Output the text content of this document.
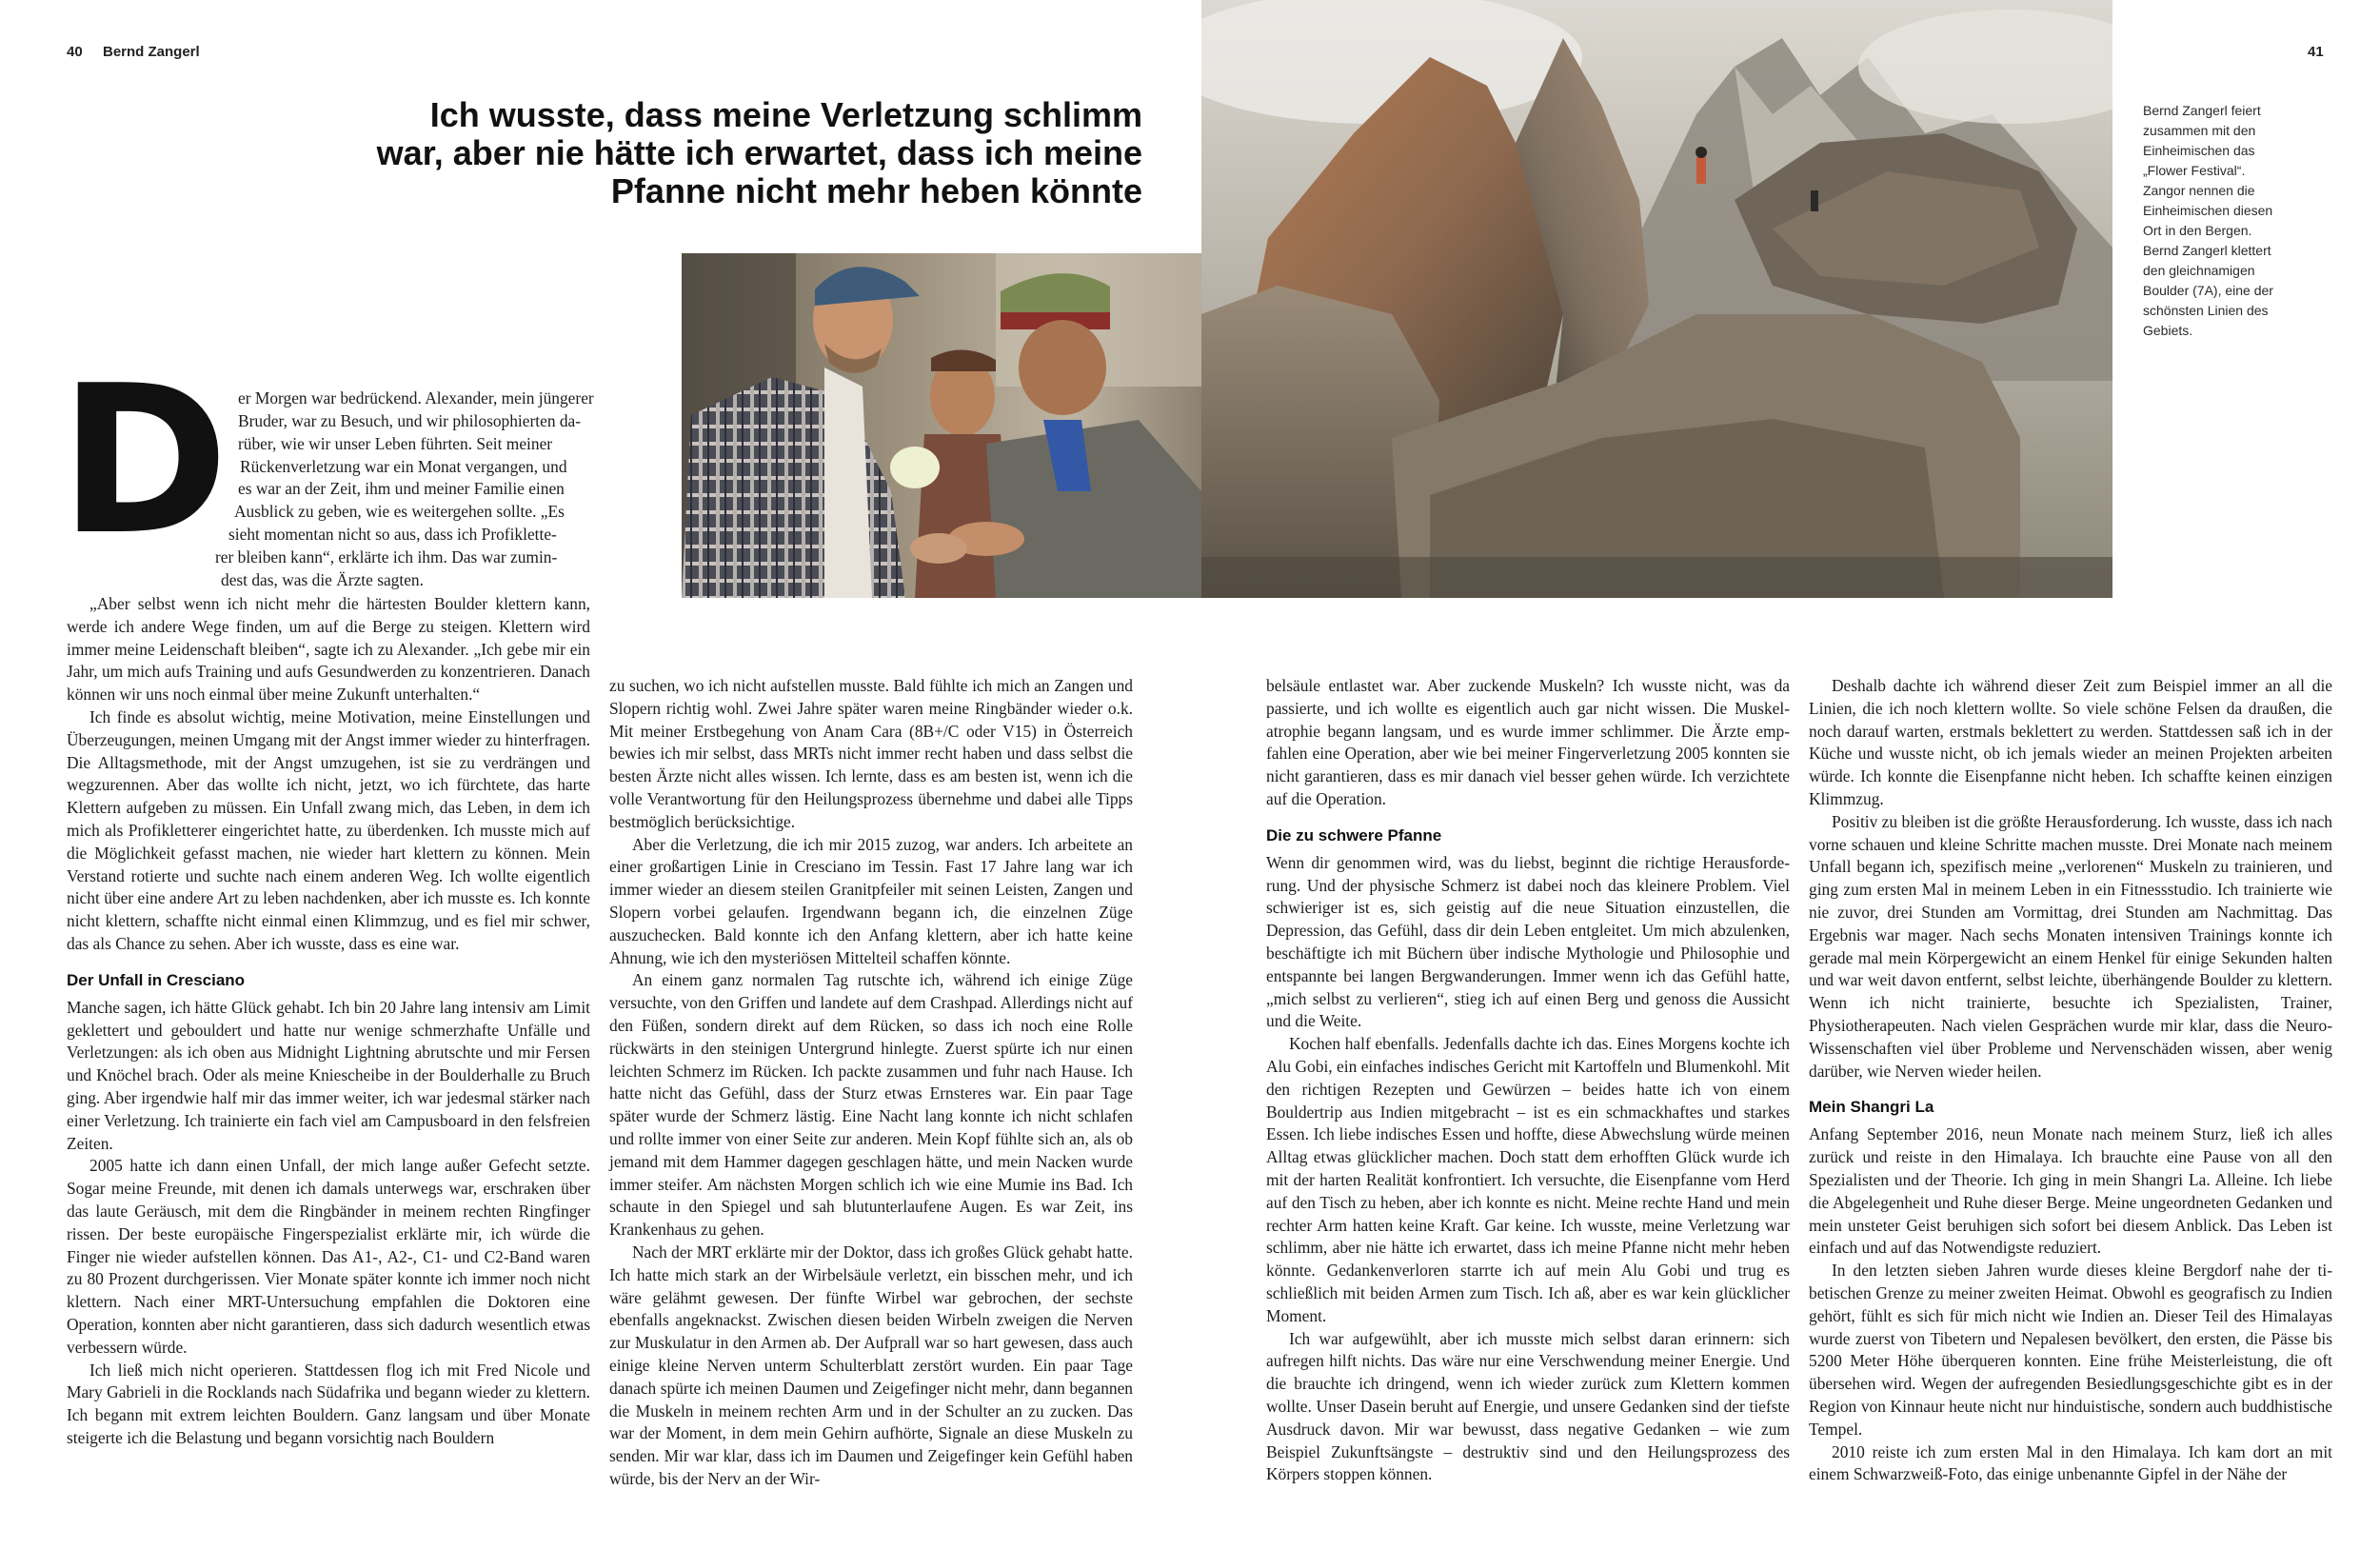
40 Bernd Zangerl	41
Ich wusste, dass meine Verletzung schlimm
war, aber nie hätte ich erwartet, dass ich meine
Pfanne nicht mehr heben könnte
Bernd Zangerl feiert zusammen mit den Einheimischen das „Flower Festival“. Zangor nennen die Einheimischen diesen Ort in den Bergen. Bernd Zangerl klettert den gleichnamigen Boulder (7A), eine der schönsten Linien des Gebiets.
D er Morgen war bedrückend. Alexander, mein jüngerer
Bruder, war zu Besuch, und wir philosophierten da-
rüber, wie wir unser Leben führten. Seit meiner
Rückenverletzung war ein Monat vergangen, und
es war an der Zeit, ihm und meiner Familie einen
Ausblick zu geben, wie es weitergehen sollte. „Es
sieht momentan nicht so aus, dass ich Profiklette-
rer bleiben kann“, erklärte ich ihm. Das war zumin-
dest das, was die Ärzte sagten.

„Aber selbst wenn ich nicht mehr die härtesten Boulder klettern kann, werde ich andere Wege finden, um auf die Berge zu steigen. Klettern wird immer meine Leidenschaft bleiben“, sagte ich zu Alexander. „Ich gebe mir ein Jahr, um mich aufs Training und aufs Gesundwerden zu konzentrieren. Danach können wir uns noch einmal über meine Zukunft unterhalten.“

Ich finde es absolut wichtig, meine Motivation, meine Einstellungen und Überzeugungen, meinen Umgang mit der Angst immer wieder zu hinterfragen. Die Alltagsmethode, mit der Angst umzugehen, ist sie zu verdrängen und wegzurennen. Aber das wollte ich nicht, jetzt, wo ich fürchtete, das harte Klettern aufgeben zu müssen. Ein Unfall zwang mich, das Leben, in dem ich mich als Profikletterer eingerichtet hatte, zu überdenken. Ich musste mich auf die Möglichkeit gefasst machen, nie wieder hart klettern zu können. Mein Verstand rotierte und suchte nach einem anderen Weg. Ich wollte eigentlich nicht über eine andere Art zu leben nachdenken, aber ich musste es. Ich konnte nicht klettern, schaffte nicht einmal einen Klimmzug, und es fiel mir schwer, das als Chance zu sehen. Aber ich wusste, dass es eine war.

Der Unfall in Cresciano

Manche sagen, ich hätte Glück gehabt. Ich bin 20 Jahre lang intensiv am Limit geklettert und gebouldert und hatte nur wenige schmerzhafte Unfälle und Verletzungen: als ich oben aus Midnight Lightning abrutschte und mir Fersen und Knöchel brach. Oder als meine Kniescheibe in der Boulderhalle zu Bruch ging. Aber irgendwie half mir das immer weiter, ich war jedesmal stärker nach einer Verletzung. Ich trainierte ein fach viel am Campusboard in den felsfreien Zeiten.

2005 hatte ich dann einen Unfall, der mich lange außer Gefecht setzte. Sogar meine Freunde, mit denen ich damals unterwegs war, erschraken über das laute Geräusch, mit dem die Ringbänder in meinem rechten Ringfinger rissen. Der beste europäische Fingerspezialist erklärte mir, ich würde die Finger nie wieder aufstellen können. Das A1-, A2-, C1- und C2-Band waren zu 80 Prozent durchgerissen. Vier Monate später konnte ich immer noch nicht klettern. Nach einer MRT-Untersuchung empfahlen die Doktoren eine Operation, konnten aber nicht garantieren, dass sich dadurch wesentlich etwas verbessern würde.

Ich ließ mich nicht operieren. Stattdessen flog ich mit Fred Nicole und Mary Gabrieli in die Rocklands nach Südafrika und begann wieder zu klettern. Ich begann mit extrem leichten Bouldern. Ganz langsam und über Monate steigerte ich die Belastung und begann vorsichtig nach Bouldern

zu suchen, wo ich nicht aufstellen musste. Bald fühlte ich mich an Zangen und Slopern richtig wohl. Zwei Jahre später waren meine Ringbänder wieder o.k. Mit meiner Erstbegehung von Anam Cara (8B+/C oder V15) in Österreich bewies ich mir selbst, dass MRTs nicht immer recht haben und dass selbst die besten Ärzte nicht alles wissen. Ich lernte, dass es am besten ist, wenn ich die volle Verantwortung für den Heilungsprozess übernehme und dabei alle Tipps bestmöglich berücksichtige.

Aber die Verletzung, die ich mir 2015 zuzog, war anders. Ich arbeitete an einer großartigen Linie in Cresciano im Tessin. Fast 17 Jahre lang war ich immer wieder an diesem steilen Granitpfeiler mit seinen Leisten, Zangen und Slopern vorbei gelaufen. Irgendwann begann ich, die einzelnen Züge auszuchecken. Bald konnte ich den Anfang klettern, aber ich hatte keine Ahnung, wie ich den mysteriösen Mittelteil schaffen könnte.

An einem ganz normalen Tag rutschte ich, während ich einige Züge versuchte, von den Griffen und landete auf dem Crashpad. Allerdings nicht auf den Füßen, sondern direkt auf dem Rücken, so dass ich noch eine Rolle rückwärts in den steinigen Untergrund hinlegte. Zuerst spürte ich nur einen leichten Schmerz im Rücken. Ich packte zusammen und fuhr nach Hause. Ich hatte nicht das Gefühl, dass der Sturz etwas Ernsteres war. Ein paar Tage später wurde der Schmerz lästig. Eine Nacht lang konnte ich nicht schlafen und rollte immer von einer Seite zur anderen. Mein Kopf fühlte sich an, als ob jemand mit dem Hammer dagegen geschlagen hätte, und mein Nacken wurde immer steifer. Am nächsten Morgen schlich ich wie eine Mumie ins Bad. Ich schaute in den Spiegel und sah blutunterlaufene Augen. Es war Zeit, ins Krankenhaus zu gehen.

Nach der MRT erklärte mir der Doktor, dass ich großes Glück gehabt hatte. Ich hatte mich stark an der Wirbelsäule verletzt, ein bisschen mehr, und ich wäre gelähmt gewesen. Der fünfte Wirbel war gebrochen, der sechste ebenfalls angeknackst. Zwischen diesen beiden Wirbeln zweigen die Nerven zur Muskulatur in den Armen ab. Der Aufprall war so hart gewesen, dass auch einige kleine Nerven unterm Schulterblatt zerstört wurden. Ein paar Tage danach spürte ich meinen Daumen und Zeigefinger nicht mehr, dann begannen die Muskeln in meinem rechten Arm und in der Schulter an zu zucken. Das war der Moment, in dem mein Gehirn aufhörte, Signale an diese Muskeln zu senden. Mir war klar, dass ich im Daumen und Zeigefinger kein Gefühl haben würde, bis der Nerv an der Wir-

belsäule entlastet war. Aber zuckende Muskeln? Ich wusste nicht, was da passierte, und ich wollte es eigentlich auch gar nicht wissen. Die Muskelatrophie begann langsam, und es wurde immer schlimmer. Die Ärzte empfahlen eine Operation, aber wie bei meiner Fingerverletzung 2005 konnten sie nicht garantieren, dass es mir danach viel besser gehen würde. Ich verzichtete auf die Operation.

Die zu schwere Pfanne

Wenn dir genommen wird, was du liebst, beginnt die richtige Herausforderung. Und der physische Schmerz ist dabei noch das kleinere Problem. Viel schwieriger ist es, sich geistig auf die neue Situation einzustellen, die Depression, das Gefühl, dass dir dein Leben entgleitet. Um mich abzulenken, beschäftigte ich mit Büchern über indische Mythologie und Philosophie und entspannte bei langen Bergwanderungen. Immer wenn ich das Gefühl hatte, „mich selbst zu verlieren“, stieg ich auf einen Berg und genoss die Aussicht und die Weite.

Kochen half ebenfalls. Jedenfalls dachte ich das. Eines Morgens kochte ich Alu Gobi, ein einfaches indisches Gericht mit Kartoffeln und Blumenkohl. Mit den richtigen Rezepten und Gewürzen – beides hatte ich von einem Bouldertrip aus Indien mitgebracht – ist es ein schmackhaftes und starkes Essen. Ich liebe indisches Essen und hoffte, diese Abwechslung würde meinen Alltag etwas glücklicher machen. Doch statt dem erhofften Glück wurde ich mit der harten Realität konfrontiert. Ich versuchte, die Eisenpfanne vom Herd auf den Tisch zu heben, aber ich konnte es nicht. Meine rechte Hand und mein rechter Arm hatten keine Kraft. Gar keine. Ich wusste, meine Verletzung war schlimm, aber nie hätte ich erwartet, dass ich meine Pfanne nicht mehr heben könnte. Gedankenverloren starrte ich auf mein Alu Gobi und trug es schließlich mit beiden Armen zum Tisch. Ich aß, aber es war kein glücklicher Moment.

Ich war aufgewühlt, aber ich musste mich selbst daran erinnern: sich aufregen hilft nichts. Das wäre nur eine Verschwendung meiner Energie. Und die brauchte ich dringend, wenn ich wieder zurück zum Klettern kommen wollte. Unser Dasein beruht auf Energie, und unsere Gedanken sind der tiefste Ausdruck davon. Mir war bewusst, dass negative Gedanken – wie zum Beispiel Zukunftsängste – destruktiv sind und den Heilungsprozess des Körpers stoppen können.

Deshalb dachte ich während dieser Zeit zum Beispiel immer an all die Linien, die ich noch klettern wollte. So viele schöne Felsen da draußen, die noch darauf warten, erstmals beklettert zu werden. Stattdessen saß ich in der Küche und wusste nicht, ob ich jemals wieder an meinen Projekten arbeiten würde. Ich konnte die Eisenpfanne nicht heben. Ich schaffte keinen einzigen Klimmzug.

Positiv zu bleiben ist die größte Herausforderung. Ich wusste, dass ich nach vorne schauen und kleine Schritte machen musste. Drei Monate nach meinem Unfall begann ich, spezifisch meine „verlorenen“ Muskeln zu trainieren, und ging zum ersten Mal in meinem Leben in ein Fitnessstudio. Ich trainierte wie nie zuvor, drei Stunden am Vormittag, drei Stunden am Nachmittag. Das Ergebnis war mager. Nach sechs Monaten intensiven Trainings konnte ich gerade mal mein Körpergewicht an einem Henkel für einige Sekunden halten und war weit davon entfernt, selbst leichte, überhängende Boulder zu klettern. Wenn ich nicht trainierte, besuchte ich Spezialisten, Trainer, Physiotherapeuten. Nach vielen Gesprächen wurde mir klar, dass die Neuro-Wissenschaften viel über Probleme und Nervenschäden wissen, aber wenig darüber, wie Nerven wieder heilen.

Mein Shangri La

Anfang September 2016, neun Monate nach meinem Sturz, ließ ich alles zurück und reiste in den Himalaya. Ich brauchte eine Pause von all den Spezialisten und der Theorie. Ich ging in mein Shangri La. Alleine. Ich liebe die Abgelegenheit und Ruhe dieser Berge. Meine ungeordneten Gedanken und mein unsteter Geist beruhigen sich sofort bei diesem Anblick. Das Leben ist einfach und auf das Notwendigste reduziert.

In den letzten sieben Jahren wurde dieses kleine Bergdorf nahe der tibetischen Grenze zu meiner zweiten Heimat. Obwohl es geografisch zu Indien gehört, fühlt es sich für mich nicht wie Indien an. Dieser Teil des Himalayas wurde zuerst von Tibetern und Nepalesen bevölkert, den ersten, die Pässe bis 5200 Meter Höhe überqueren konnten. Eine frühe Meisterleistung, die oft übersehen wird. Wegen der aufregenden Besiedlungsgeschichte gibt es in der Region von Kinnaur heute nicht nur hinduistische, sondern auch buddhistische Tempel.

2010 reiste ich zum ersten Mal in den Himalaya. Ich kam dort an mit einem Schwarzweiß-Foto, das einige unbenannte Gipfel in der Nähe der
